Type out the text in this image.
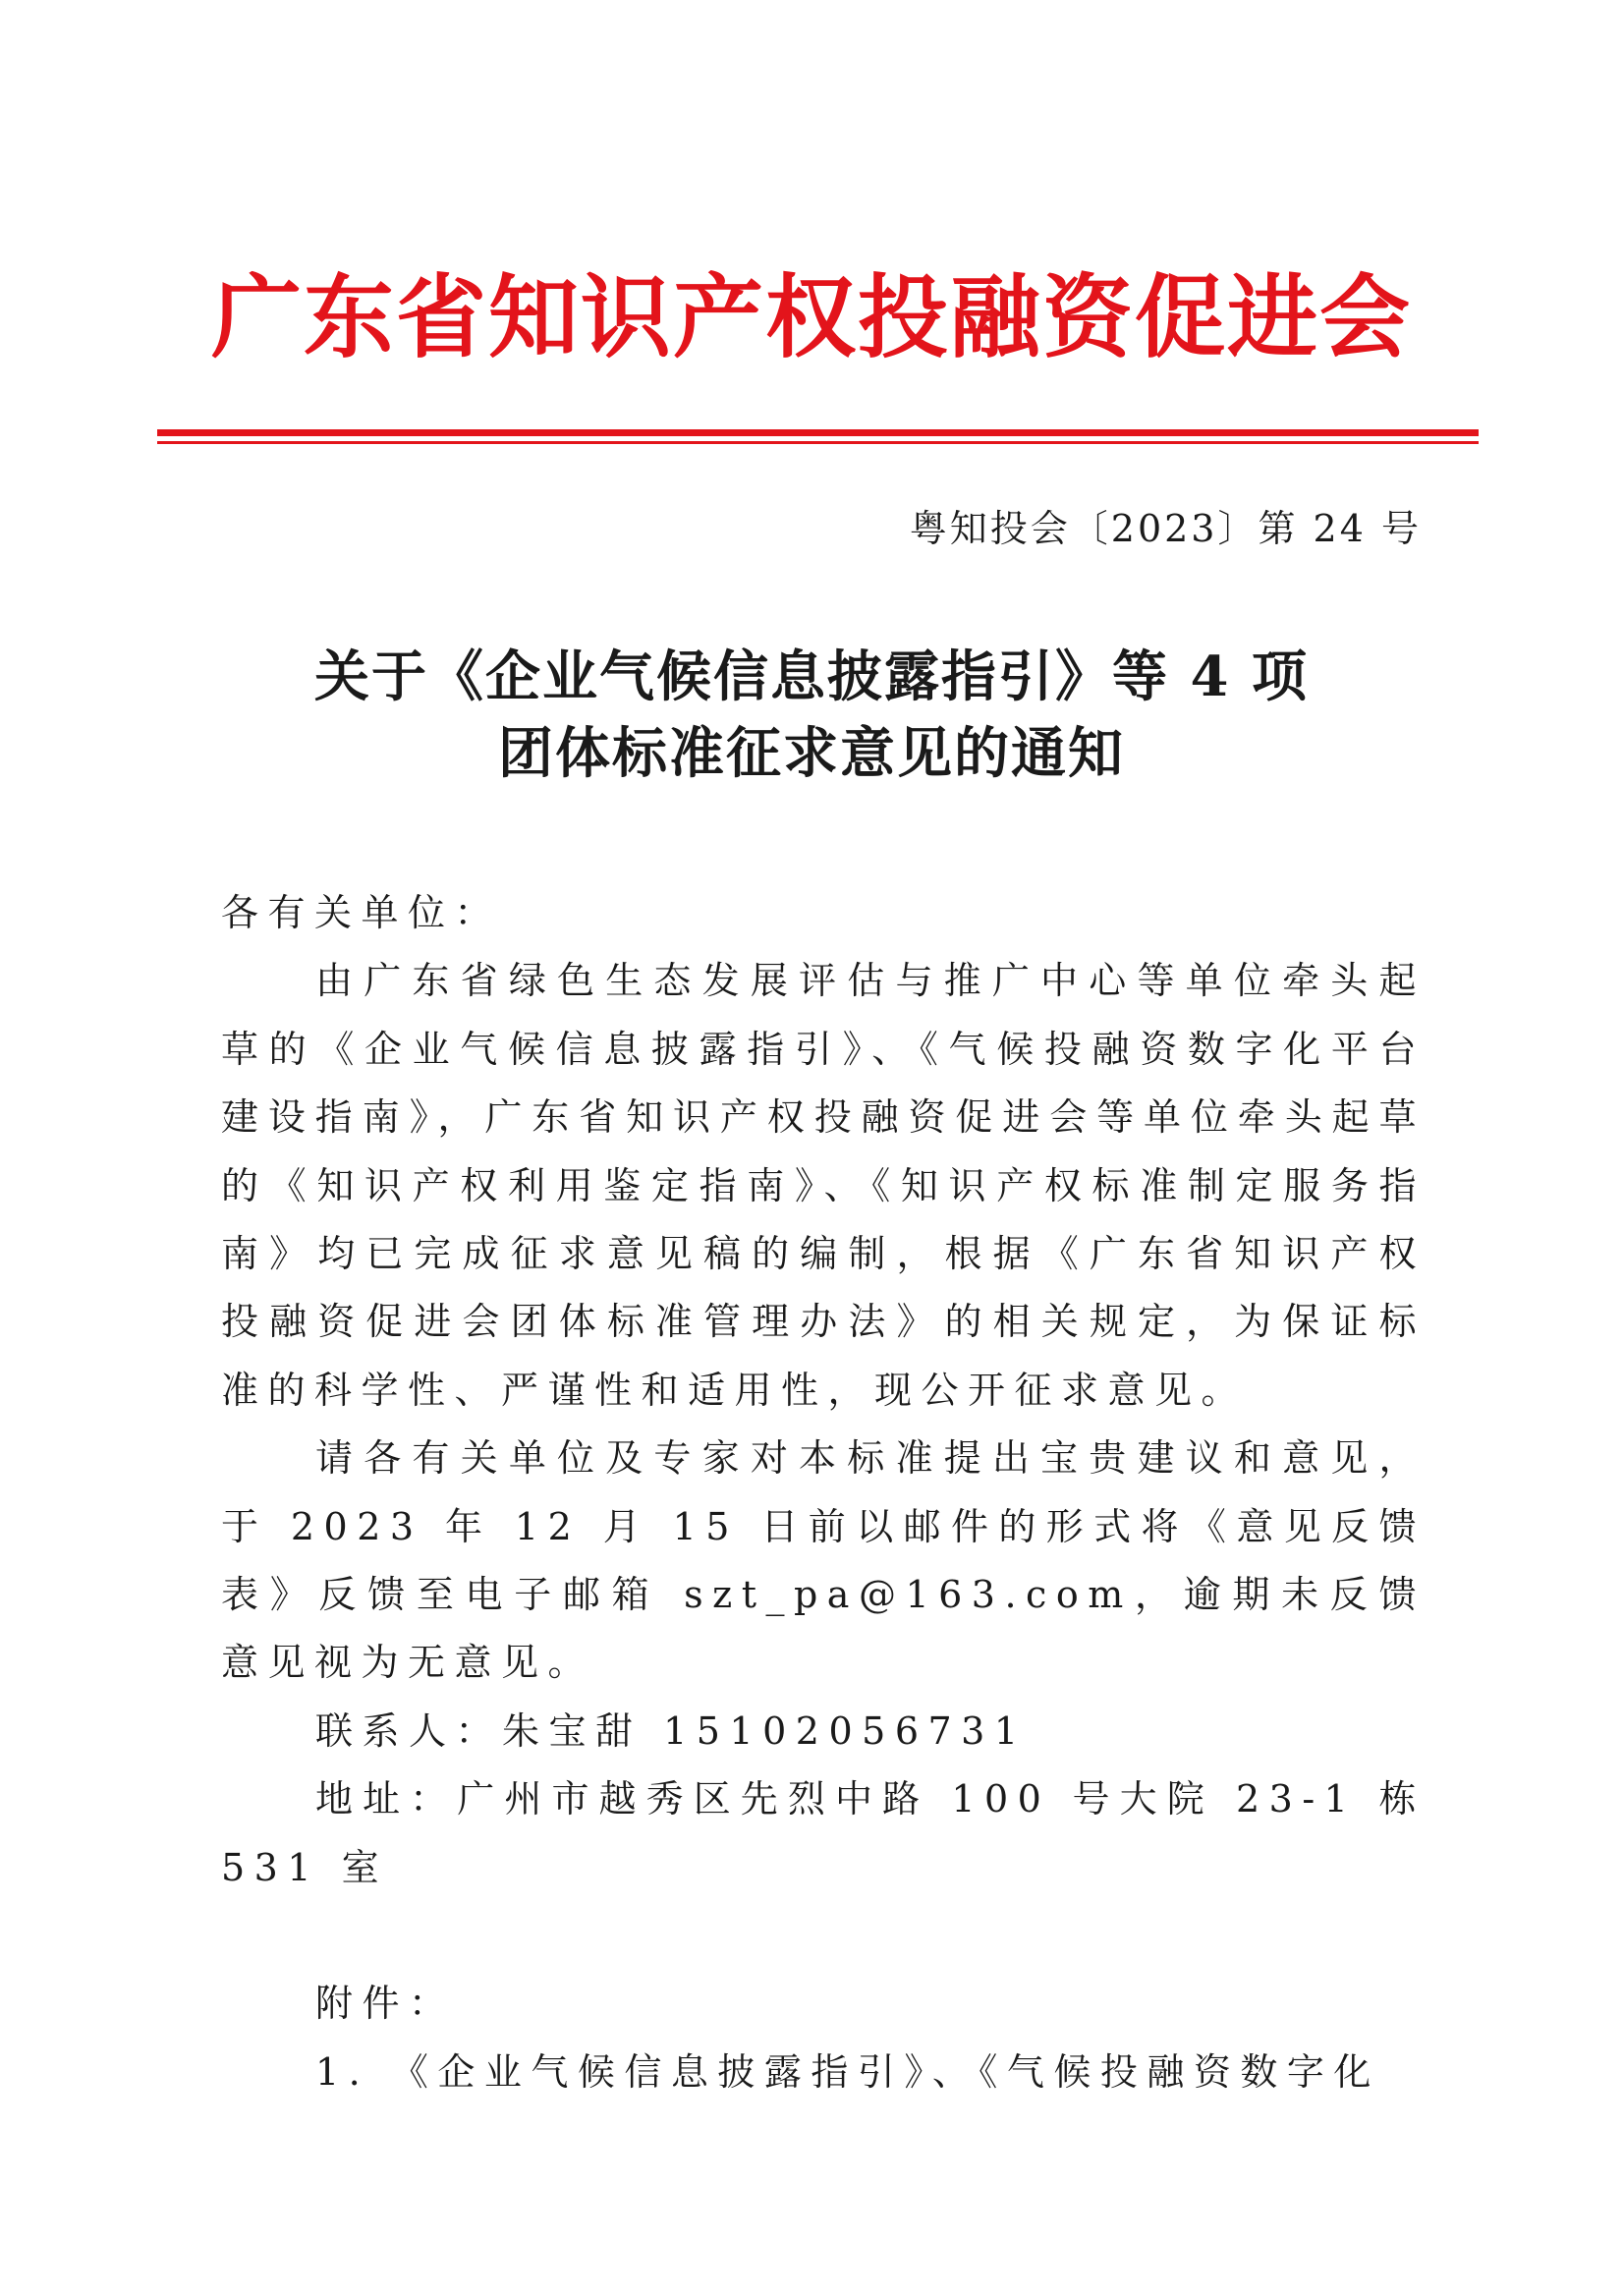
广东省知识产权投融资促进会
粤知投会〔2023〕第 24 号
关于《企业气候信息披露指引》等 4 项
团体标准征求意见的通知

各有关单位：

由广东省绿色生态发展评估与推广中心等单位牵头起草的《企业气候信息披露指引》、《气候投融资数字化平台建设指南》，广东省知识产权投融资促进会等单位牵头起草的《知识产权利用鉴定指南》、《知识产权标准制定服务指南》均已完成征求意见稿的编制，根据《广东省知识产权投融资促进会团体标准管理办法》的相关规定，为保证标准的科学性、严谨性和适用性，现公开征求意见。

请各有关单位及专家对本标准提出宝贵建议和意见，于 2023 年 12 月 15 日前以邮件的形式将《意见反馈表》反馈至电子邮箱 szt_pa@163.com，逾期未反馈意见视为无意见。

联系人：朱宝甜 15102056731

地址：广州市越秀区先烈中路 100 号大院 23-1 栋 531 室

附件：

1. 《企业气候信息披露指引》、《气候投融资数字化
